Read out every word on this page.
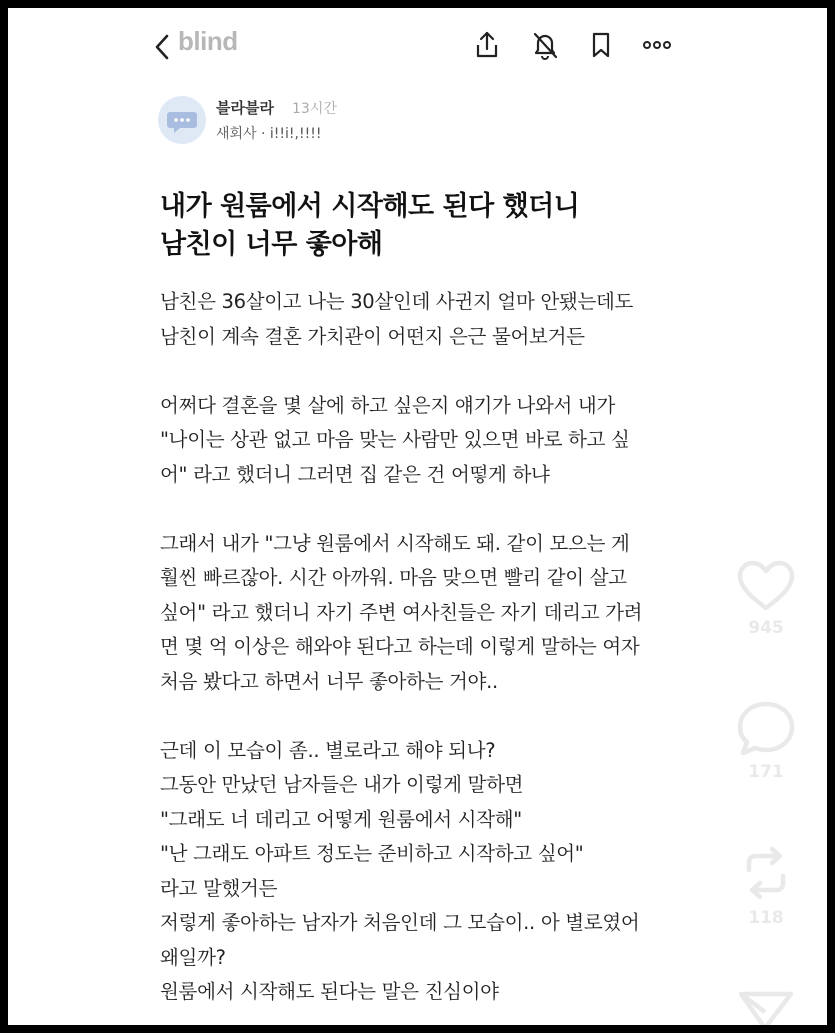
blind
블라블라 13시간
새회사 · i!!i!,!!!!
내가 원룸에서 시작해도 된다 했더니
남친이 너무 좋아해
남친은 36살이고 나는 30살인데 사귄지 얼마 안됐는데도
남친이 계속 결혼 가치관이 어떤지 은근 물어보거든
어쩌다 결혼을 몇 살에 하고 싶은지 얘기가 나와서 내가
"나이는 상관 없고 마음 맞는 사람만 있으면 바로 하고 싶
어" 라고 했더니 그러면 집 같은 건 어떻게 하냐
그래서 내가 "그냥 원룸에서 시작해도 돼. 같이 모으는 게
훨씬 빠르잖아. 시간 아까워. 마음 맞으면 빨리 같이 살고
싶어" 라고 했더니 자기 주변 여사친들은 자기 데리고 가려
면 몇 억 이상은 해와야 된다고 하는데 이렇게 말하는 여자
처음 봤다고 하면서 너무 좋아하는 거야..
근데 이 모습이 좀.. 별로라고 해야 되나?
그동안 만났던 남자들은 내가 이렇게 말하면
"그래도 너 데리고 어떻게 원룸에서 시작해"
"난 그래도 아파트 정도는 준비하고 시작하고 싶어"
라고 말했거든
저렇게 좋아하는 남자가 처음인데 그 모습이.. 아 별로였어
왜일까?
원룸에서 시작해도 된다는 말은 진심이야
945
171
118
